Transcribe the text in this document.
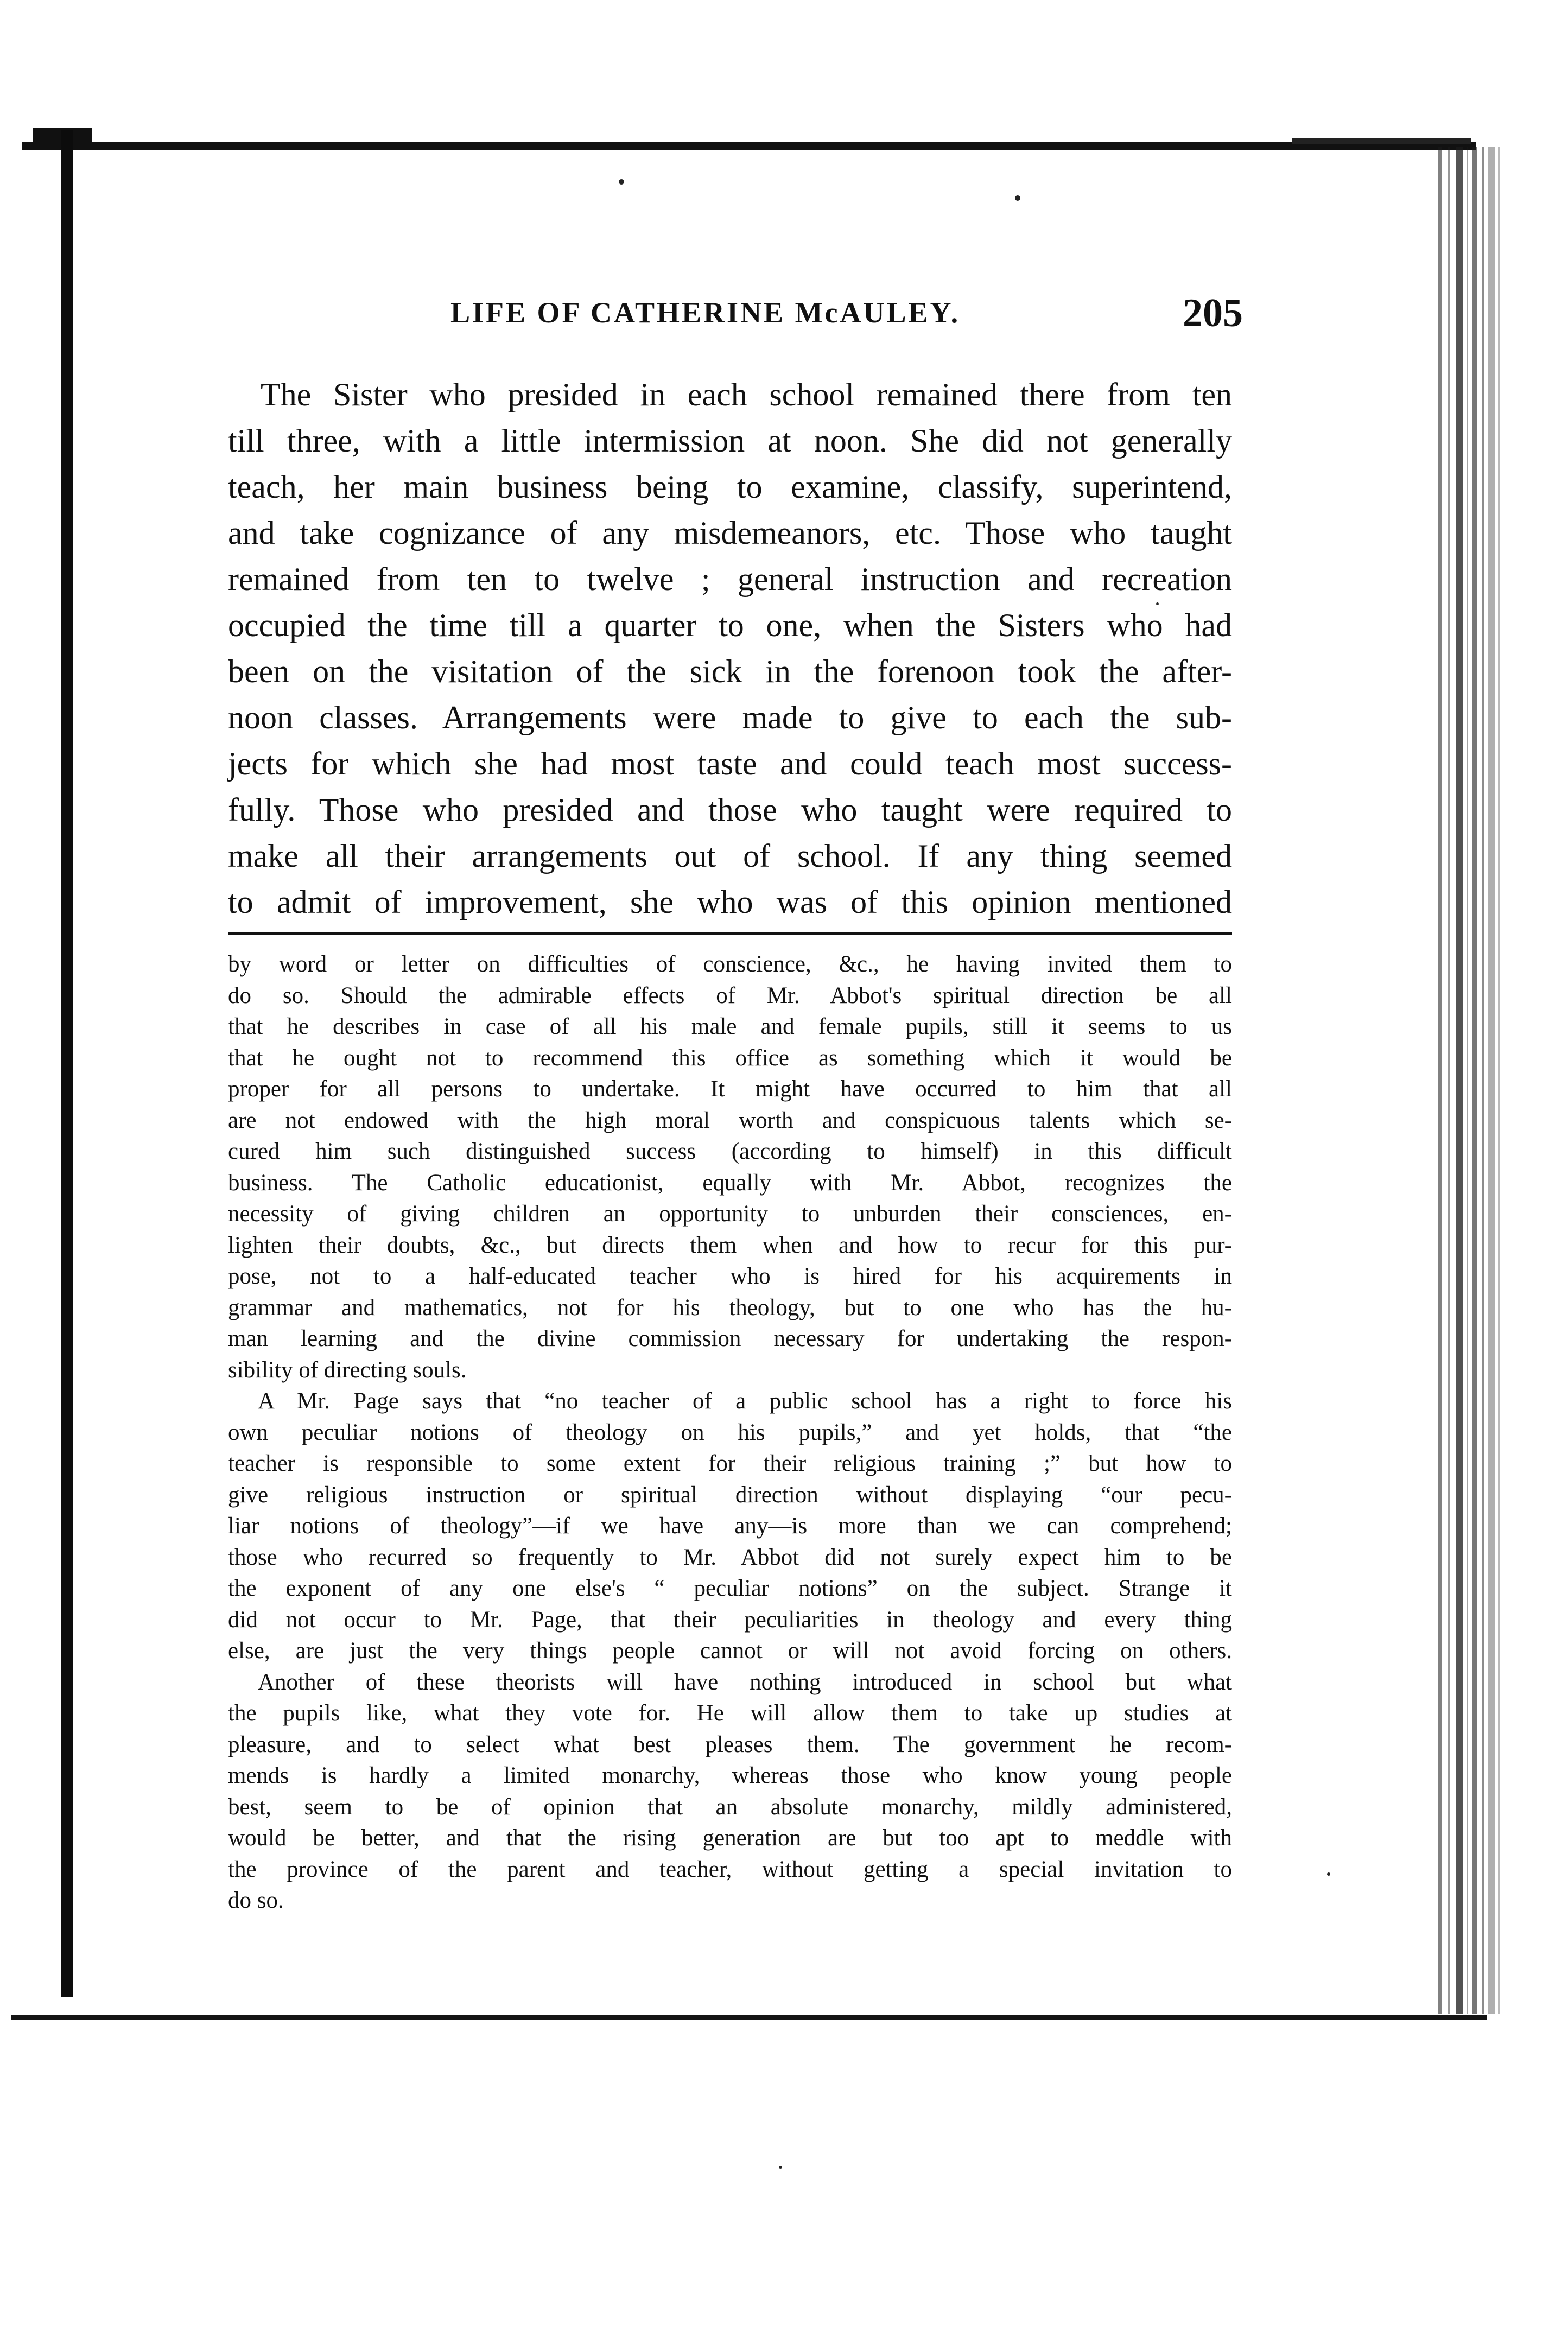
LIFE OF CATHERINE McAULEY.	205
The Sister who presided in each school remained there from ten
till three, with a little intermission at noon. She did not generally
teach, her main business being to examine, classify, superintend,
and take cognizance of any misdemeanors, etc. Those who taught
remained from ten to twelve ; general instruction and recreation
occupied the time till a quarter to one, when the Sisters who had
been on the visitation of the sick in the forenoon took the after-
noon classes. Arrangements were made to give to each the sub-
jects for which she had most taste and could teach most success-
fully. Those who presided and those who taught were required to
make all their arrangements out of school. If any thing seemed
to admit of improvement, she who was of this opinion mentioned
by word or letter on difficulties of conscience, &c., he having invited them to
do so. Should the admirable effects of Mr. Abbot's spiritual direction be all
that he describes in case of all his male and female pupils, still it seems to us
that he ought not to recommend this office as something which it would be
proper for all persons to undertake. It might have occurred to him that all
are not endowed with the high moral worth and conspicuous talents which se-
cured him such distinguished success (according to himself) in this difficult
business. The Catholic educationist, equally with Mr. Abbot, recognizes the
necessity of giving children an opportunity to unburden their consciences, en-
lighten their doubts, &c., but directs them when and how to recur for this pur-
pose, not to a half-educated teacher who is hired for his acquirements in
grammar and mathematics, not for his theology, but to one who has the hu-
man learning and the divine commission necessary for undertaking the respon-
sibility of directing souls.
A Mr. Page says that “no teacher of a public school has a right to force his
own peculiar notions of theology on his pupils,” and yet holds, that “the
teacher is responsible to some extent for their religious training ;” but how to
give religious instruction or spiritual direction without displaying “our pecu-
liar notions of theology”—if we have any—is more than we can comprehend;
those who recurred so frequently to Mr. Abbot did not surely expect him to be
the exponent of any one else's “ peculiar notions” on the subject. Strange it
did not occur to Mr. Page, that their peculiarities in theology and every thing
else, are just the very things people cannot or will not avoid forcing on others.
Another of these theorists will have nothing introduced in school but what
the pupils like, what they vote for. He will allow them to take up studies at
pleasure, and to select what best pleases them. The government he recom-
mends is hardly a limited monarchy, whereas those who know young people
best, seem to be of opinion that an absolute monarchy, mildly administered,
would be better, and that the rising generation are but too apt to meddle with
the province of the parent and teacher, without getting a special invitation to
do so.
